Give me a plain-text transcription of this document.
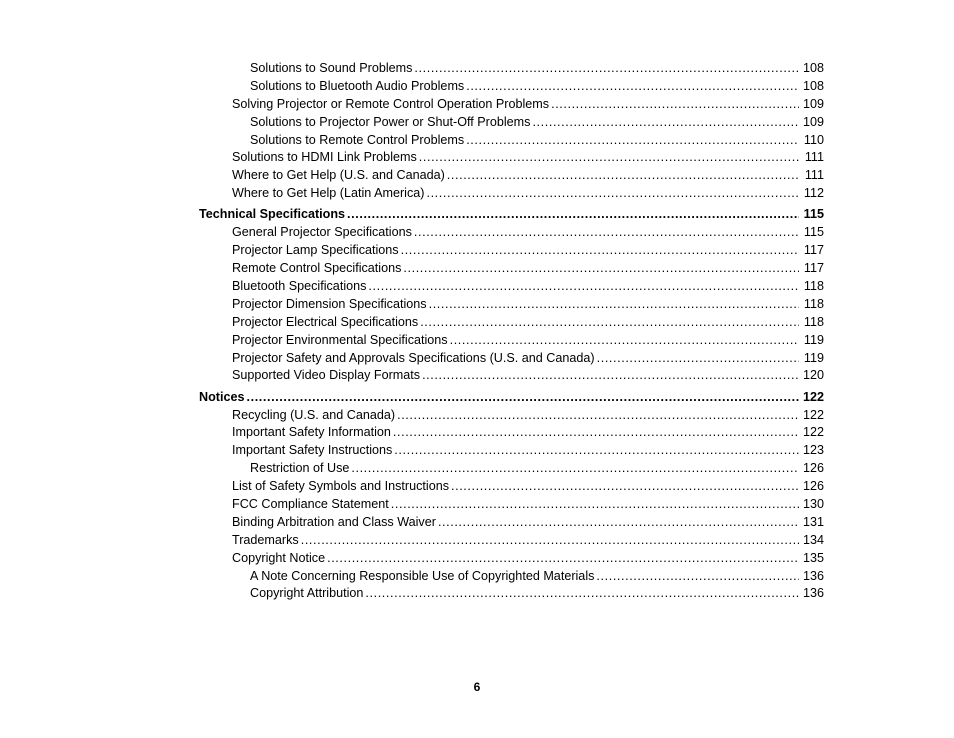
Solutions to Sound Problems .....	108
Solutions to Bluetooth Audio Problems .....	108
Solving Projector or Remote Control Operation Problems .....	109
Solutions to Projector Power or Shut-Off Problems .....	109
Solutions to Remote Control Problems .....	110
Solutions to HDMI Link Problems .....	111
Where to Get Help (U.S. and Canada) .....	111
Where to Get Help (Latin America) .....	112
Technical Specifications .....	115
General Projector Specifications .....	115
Projector Lamp Specifications .....	117
Remote Control Specifications .....	117
Bluetooth Specifications .....	118
Projector Dimension Specifications .....	118
Projector Electrical Specifications .....	118
Projector Environmental Specifications .....	119
Projector Safety and Approvals Specifications (U.S. and Canada) .....	119
Supported Video Display Formats .....	120
Notices .....	122
Recycling (U.S. and Canada) .....	122
Important Safety Information .....	122
Important Safety Instructions .....	123
Restriction of Use .....	126
List of Safety Symbols and Instructions .....	126
FCC Compliance Statement .....	130
Binding Arbitration and Class Waiver .....	131
Trademarks .....	134
Copyright Notice .....	135
A Note Concerning Responsible Use of Copyrighted Materials .....	136
Copyright Attribution .....	136
6
